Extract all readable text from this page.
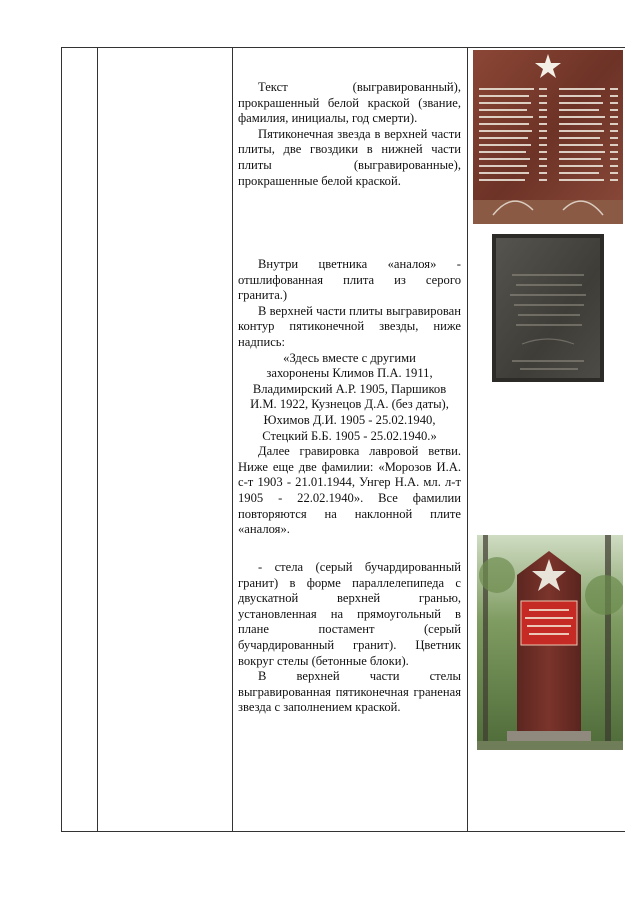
Текст (выгравированный), прокрашенный белой краской (звание, фамилия, инициалы, год смерти).

Пятиконечная звезда в верхней части плиты, две гвоздики в нижней части плиты (выгравированные), прокрашенные белой краской.

Внутри цветника «аналоя» - отшлифованная плита из серого гранита.)

В верхней части плиты выгравирован контур пятиконечной звезды, ниже надпись:

«Здесь вместе с другими

захоронены Климов П.А. 1911,

Владимирский А.Р. 1905, Паршиков

И.М. 1922, Кузнецов Д.А. (без даты),

Юхимов Д.И. 1905 - 25.02.1940,

Стецкий Б.Б. 1905 - 25.02.1940.»

Далее гравировка лавровой ветви. Ниже еще две фамилии: «Морозов И.А. с-т 1903 - 21.01.1944, Унгер Н.А. мл. л-т 1905 - 22.02.1940». Все фамилии повторяются на наклонной плите «аналоя».

- стела (серый бучардированный гранит) в форме параллелепипеда с двускатной верхней гранью, установленная на прямоугольный в плане постамент (серый бучардированный гранит). Цветник вокруг стелы (бетонные блоки).

В верхней части стелы выгравированная пятиконечная граненая звезда с заполнением краской.
